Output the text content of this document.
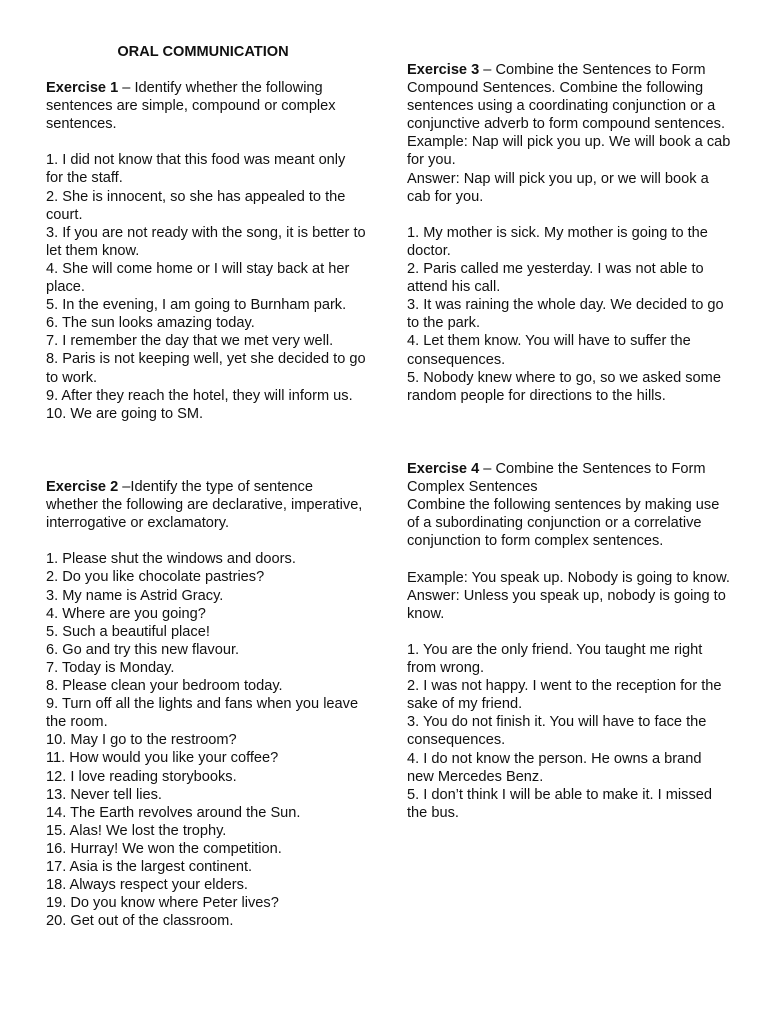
ORAL COMMUNICATION

Exercise 1 – Identify whether the following sentences are simple, compound or complex sentences.

1. I did not know that this food was meant only for the staff.
2. She is innocent, so she has appealed to the court.
3. If you are not ready with the song, it is better to let them know.
4. She will come home or I will stay back at her place.
5. In the evening, I am going to Burnham park.
6. The sun looks amazing today.
7. I remember the day that we met very well.
8. Paris is not keeping well, yet she decided to go to work.
9. After they reach the hotel, they will inform us.
10. We are going to SM.

Exercise 2 –Identify the type of sentence whether the following are declarative, imperative, interrogative or exclamatory.

1. Please shut the windows and doors.
2. Do you like chocolate pastries?
3. My name is Astrid Gracy.
4. Where are you going?
5. Such a beautiful place!
6. Go and try this new flavour.
7. Today is Monday.
8. Please clean your bedroom today.
9. Turn off all the lights and fans when you leave the room.
10. May I go to the restroom?
11. How would you like your coffee?
12. I love reading storybooks.
13. Never tell lies.
14. The Earth revolves around the Sun.
15. Alas! We lost the trophy.
16. Hurray! We won the competition.
17. Asia is the largest continent.
18. Always respect your elders.
19. Do you know where Peter lives?
20. Get out of the classroom.

Exercise 3 – Combine the Sentences to Form Compound Sentences. Combine the following sentences using a coordinating conjunction or a conjunctive adverb to form compound sentences.

Example: Nap will pick you up. We will book a cab for you.

Answer: Nap will pick you up, or we will book a cab for you.

1. My mother is sick. My mother is going to the doctor.
2. Paris called me yesterday. I was not able to attend his call.
3. It was raining the whole day. We decided to go to the park.
4. Let them know. You will have to suffer the consequences.
5. Nobody knew where to go, so we asked some random people for directions to the hills.

Exercise 4 – Combine the Sentences to Form Complex Sentences

Combine the following sentences by making use of a subordinating conjunction or a correlative conjunction to form complex sentences.

Example: You speak up. Nobody is going to know.

Answer: Unless you speak up, nobody is going to know.

1. You are the only friend. You taught me right from wrong.
2. I was not happy. I went to the reception for the sake of my friend.
3. You do not finish it. You will have to face the consequences.
4. I do not know the person. He owns a brand new Mercedes Benz.
5. I don’t think I will be able to make it. I missed the bus.
